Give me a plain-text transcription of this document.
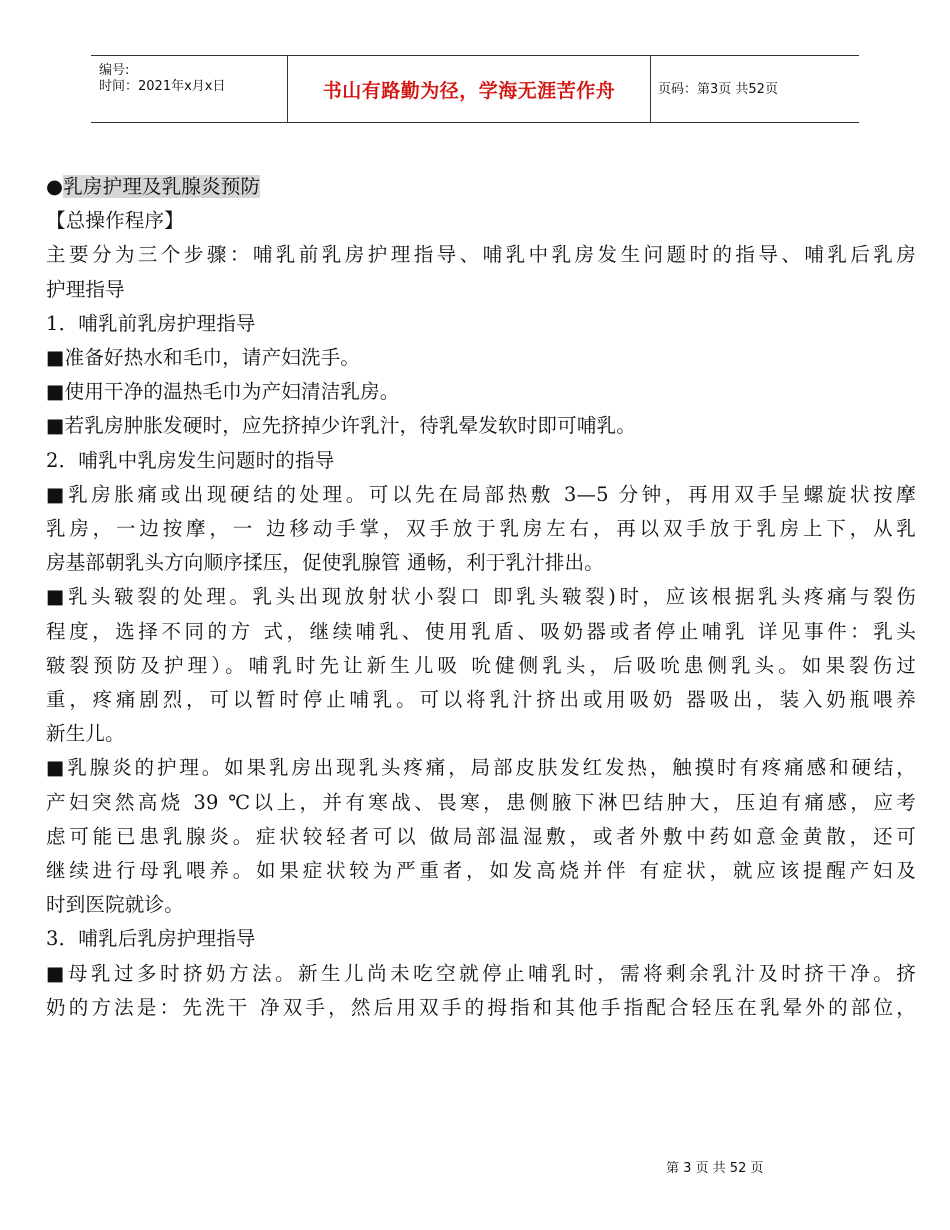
编号:
时间：2021年x月x日	书山有路勤为径，学海无涯苦作舟	页码：第3页 共52页
●乳房护理及乳腺炎预防
【总操作程序】
主要分为三个步骤：哺乳前乳房护理指导、哺乳中乳房发生问题时的指导、哺乳后乳房
护理指导
1．哺乳前乳房护理指导
■准备好热水和毛巾，请产妇洗手。
■使用干净的温热毛巾为产妇清洁乳房。
■若乳房肿胀发硬时，应先挤掉少许乳汁，待乳晕发软时即可哺乳。
2．哺乳中乳房发生问题时的指导
■乳房胀痛或出现硬结的处理。可以先在局部热敷 3—5 分钟，再用双手呈螺旋状按摩
乳房，一边按摩，一 边移动手掌，双手放于乳房左右，再以双手放于乳房上下，从乳
房基部朝乳头方向顺序揉压，促使乳腺管 通畅，利于乳汁排出。
■乳头皲裂的处理。乳头出现放射状小裂口 即乳头皲裂)时，应该根据乳头疼痛与裂伤
程度，选择不同的方 式，继续哺乳、使用乳盾、吸奶器或者停止哺乳 详见事件：乳头
皲裂预防及护理）。哺乳时先让新生儿吸 吮健侧乳头，后吸吮患侧乳头。如果裂伤过
重，疼痛剧烈，可以暂时停止哺乳。可以将乳汁挤出或用吸奶 器吸出，装入奶瓶喂养
新生儿。
■乳腺炎的护理。如果乳房出现乳头疼痛，局部皮肤发红发热，触摸时有疼痛感和硬结，
产妇突然高烧 39 ℃以上，并有寒战、畏寒，患侧腋下淋巴结肿大，压迫有痛感，应考
虑可能已患乳腺炎。症状较轻者可以 做局部温湿敷，或者外敷中药如意金黄散，还可
继续进行母乳喂养。如果症状较为严重者，如发高烧并伴 有症状，就应该提醒产妇及
时到医院就诊。
3．哺乳后乳房护理指导
■母乳过多时挤奶方法。新生儿尚未吃空就停止哺乳时，需将剩余乳汁及时挤干净。挤
奶的方法是：先洗干 净双手，然后用双手的拇指和其他手指配合轻压在乳晕外的部位，
第 3 页 共 52 页
